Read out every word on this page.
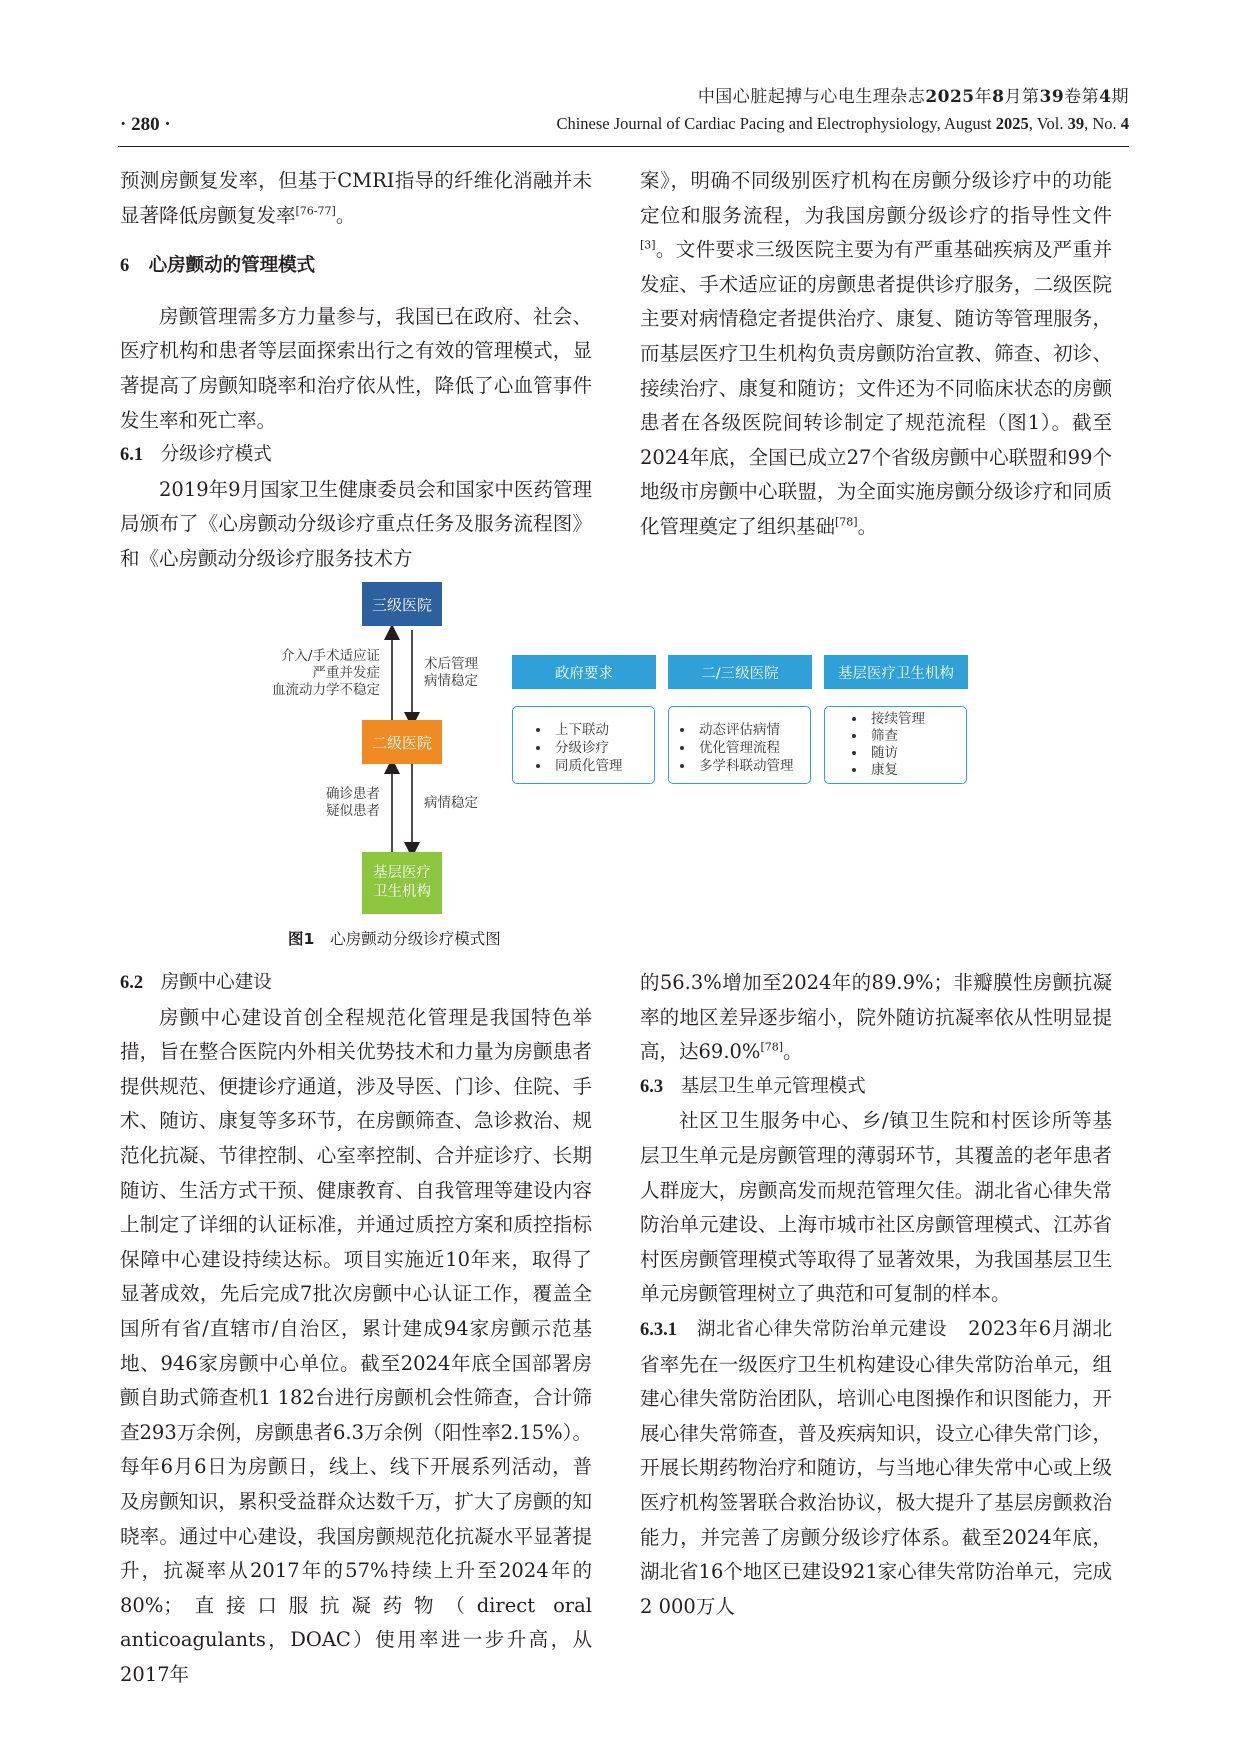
中国心脏起搏与心电生理杂志2025年8月第39卷第4期
· 280 ·	Chinese Journal of Cardiac Pacing and Electrophysiology, August 2025, Vol. 39, No. 4

预测房颤复发率，但基于CMRI指导的纤维化消融并未显著降低房颤复发率[76-77]。

6 心房颤动的管理模式

房颤管理需多方力量参与，我国已在政府、社会、医疗机构和患者等层面探索出行之有效的管理模式，显著提高了房颤知晓率和治疗依从性，降低了心血管事件发生率和死亡率。

6.1 分级诊疗模式

2019年9月国家卫生健康委员会和国家中医药管理局颁布了《心房颤动分级诊疗重点任务及服务流程图》和《心房颤动分级诊疗服务技术方

案》，明确不同级别医疗机构在房颤分级诊疗中的功能定位和服务流程，为我国房颤分级诊疗的指导性文件[3]。文件要求三级医院主要为有严重基础疾病及严重并发症、手术适应证的房颤患者提供诊疗服务，二级医院主要对病情稳定者提供治疗、康复、随访等管理服务，而基层医疗卫生机构负责房颤防治宣教、筛查、初诊、接续治疗、康复和随访；文件还为不同临床状态的房颤患者在各级医院间转诊制定了规范流程（图1）。截至2024年底，全国已成立27个省级房颤中心联盟和99个地级市房颤中心联盟，为全面实施房颤分级诊疗和同质化管理奠定了组织基础[78]。

三级医院
二级医院
基层医疗
卫生机构
介入/手术适应证
严重并发症
血流动力学不稳定
术后管理
病情稳定
确诊患者
疑似患者	病情稳定
政府要求	二/三级医院	基层医疗卫生机构
• 上下联动
• 分级诊疗
• 同质化管理
• 动态评估病情
• 优化管理流程
• 多学科联动管理
• 接续管理
• 筛查
• 随访
• 康复
图1 心房颤动分级诊疗模式图

6.2 房颤中心建设

房颤中心建设首创全程规范化管理是我国特色举措，旨在整合医院内外相关优势技术和力量为房颤患者提供规范、便捷诊疗通道，涉及导医、门诊、住院、手术、随访、康复等多环节，在房颤筛查、急诊救治、规范化抗凝、节律控制、心室率控制、合并症诊疗、长期随访、生活方式干预、健康教育、自我管理等建设内容上制定了详细的认证标准，并通过质控方案和质控指标保障中心建设持续达标。项目实施近10年来，取得了显著成效，先后完成7批次房颤中心认证工作，覆盖全国所有省/直辖市/自治区，累计建成94家房颤示范基地、946家房颤中心单位。截至2024年底全国部署房颤自助式筛查机1 182台进行房颤机会性筛查，合计筛查293万余例，房颤患者6.3万余例（阳性率2.15%）。每年6月6日为房颤日，线上、线下开展系列活动，普及房颤知识，累积受益群众达数千万，扩大了房颤的知晓率。通过中心建设，我国房颤规范化抗凝水平显著提升，抗凝率从2017年的57%持续上升至2024年的80%；直接口服抗凝药物（direct oral anticoagulants，DOAC）使用率进一步升高，从2017年

的56.3%增加至2024年的89.9%；非瓣膜性房颤抗凝率的地区差异逐步缩小，院外随访抗凝率依从性明显提高，达69.0%[78]。

6.3 基层卫生单元管理模式

社区卫生服务中心、乡/镇卫生院和村医诊所等基层卫生单元是房颤管理的薄弱环节，其覆盖的老年患者人群庞大，房颤高发而规范管理欠佳。湖北省心律失常防治单元建设、上海市城市社区房颤管理模式、江苏省村医房颤管理模式等取得了显著效果，为我国基层卫生单元房颤管理树立了典范和可复制的样本。

6.3.1 湖北省心律失常防治单元建设 2023年6月湖北省率先在一级医疗卫生机构建设心律失常防治单元，组建心律失常防治团队，培训心电图操作和识图能力，开展心律失常筛查，普及疾病知识，设立心律失常门诊，开展长期药物治疗和随访，与当地心律失常中心或上级医疗机构签署联合救治协议，极大提升了基层房颤救治能力，并完善了房颤分级诊疗体系。截至2024年底，湖北省16个地区已建设921家心律失常防治单元，完成2 000万人
